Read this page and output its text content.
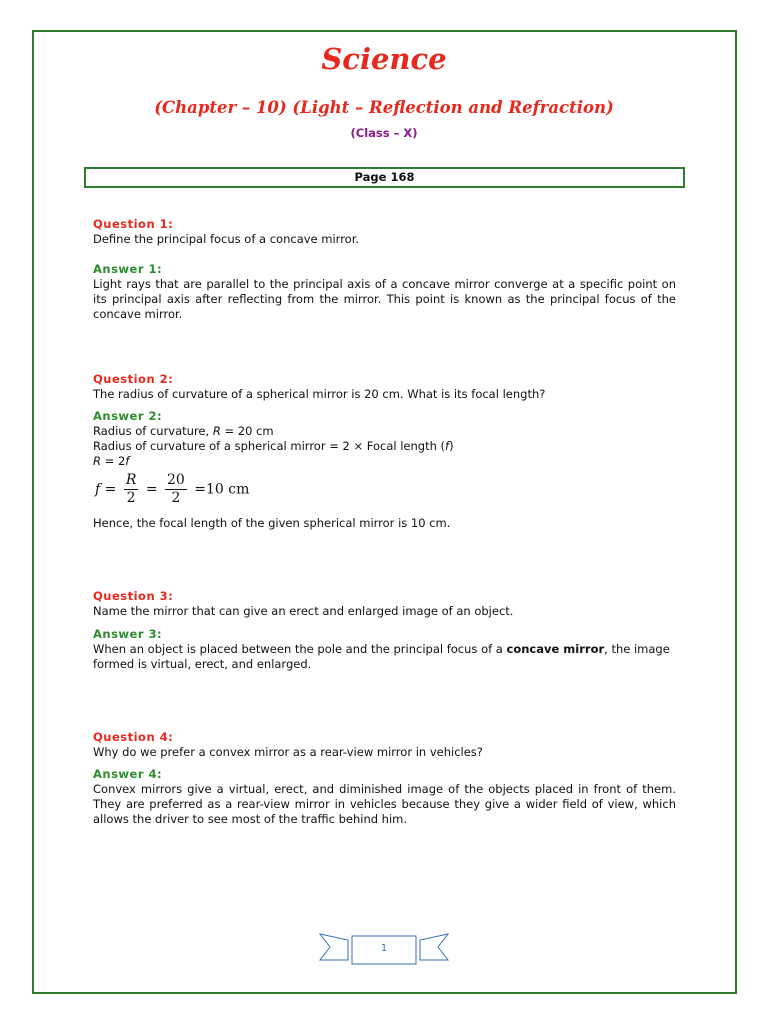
Science
(Chapter – 10) (Light – Reflection and Refraction)
(Class – X)
Page 168
Question 1:
Define the principal focus of a concave mirror.
Answer 1:
Light rays that are parallel to the principal axis of a concave mirror converge at a specific point on its principal axis after reflecting from the mirror. This point is known as the principal focus of the concave mirror.
Question 2:
The radius of curvature of a spherical mirror is 20 cm. What is its focal length?
Answer 2:
Radius of curvature, R = 20 cm
Radius of curvature of a spherical mirror = 2 × Focal length (f)
R = 2f
$f = \frac{R}{2} = \frac{20}{2} =10$ cm
Hence, the focal length of the given spherical mirror is 10 cm.
Question 3:
Name the mirror that can give an erect and enlarged image of an object.
Answer 3:
When an object is placed between the pole and the principal focus of a concave mirror, the image formed is virtual, erect, and enlarged.
Question 4:
Why do we prefer a convex mirror as a rear-view mirror in vehicles?
Answer 4:
Convex mirrors give a virtual, erect, and diminished image of the objects placed in front of them. They are preferred as a rear-view mirror in vehicles because they give a wider field of view, which allows the driver to see most of the traffic behind him.
1
